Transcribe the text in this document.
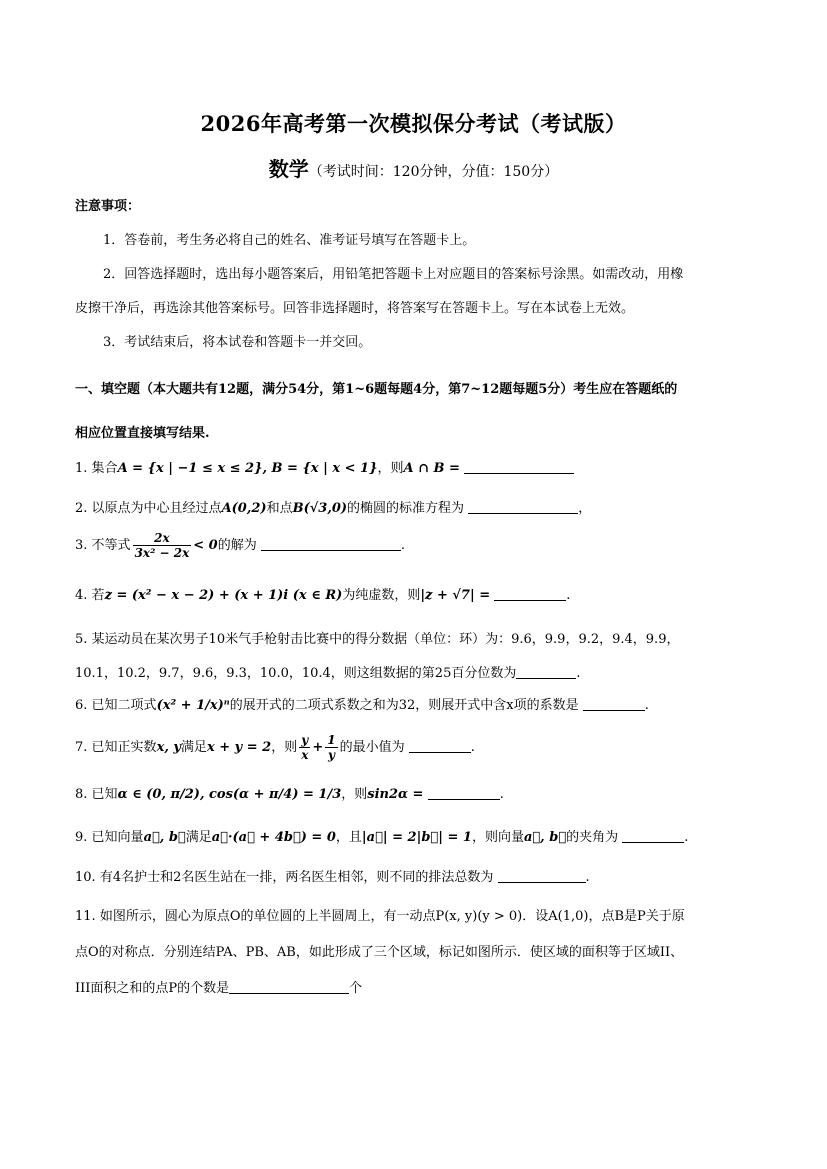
2026年高考第一次模拟保分考试（考试版）
数学（考试时间：120分钟，分值：150分）
注意事项：
1．答卷前，考生务必将自己的姓名、准考证号填写在答题卡上。
2．回答选择题时，选出每小题答案后，用铅笔把答题卡上对应题目的答案标号涂黑。如需改动，用橡
皮擦干净后，再选涂其他答案标号。回答非选择题时，将答案写在答题卡上。写在本试卷上无效。
3．考试结束后，将本试卷和答题卡一并交回。
一、填空题（本大题共有12题，满分54分，第1~6题每题4分，第7~12题每题5分）考生应在答题纸的
相应位置直接填写结果.
1. 集合A = {x | −1 ≤ x ≤ 2}, B = {x | x < 1}，则A ∩ B =
2. 以原点为中心且经过点A(0,2)和点B(√3,0)的椭圆的标准方程为	，
3. 不等式 $\frac{2x}{\text{3x² − 2x}} < 0$的解为	.
4. 若z = (x² − x − 2) + (x + 1)i (x ∈ R)为纯虚数，则|z + √7| =	.
5. 某运动员在某次男子10米气手枪射击比赛中的得分数据（单位：环）为：9.6，9.9，9.2，9.4，9.9，
10.1，10.2，9.7，9.6，9.3，10.0，10.4，则这组数据的第25百分位数为	.
6. 已知二项式(x² + 1/x)ⁿ的展开式的二项式系数之和为32，则展开式中含x项的系数是	.
7. 已知正实数x, y满足x + y = 2，则 $\frac{y}{x} + \frac{1}{y}$ 的最小值为	.
8. 已知α ∈ (0, π/2), cos(α + π/4) = 1/3，则sin2α =	.
9. 已知向量a⃗, b⃗满足a⃗·(a⃗ + 4b⃗) = 0，且|a⃗| = 2|b⃗| = 1，则向量a⃗, b⃗的夹角为	.
10. 有4名护士和2名医生站在一排，两名医生相邻，则不同的排法总数为	.
11. 如图所示，圆心为原点O的单位圆的上半圆周上，有一动点P(x, y)(y > 0)．设A(1,0)，点B是P关于原
点O的对称点．分别连结PA、PB、AB，如此形成了三个区域，标记如图所示．使区域的面积等于区域II、
III面积之和的点P的个数是	个
